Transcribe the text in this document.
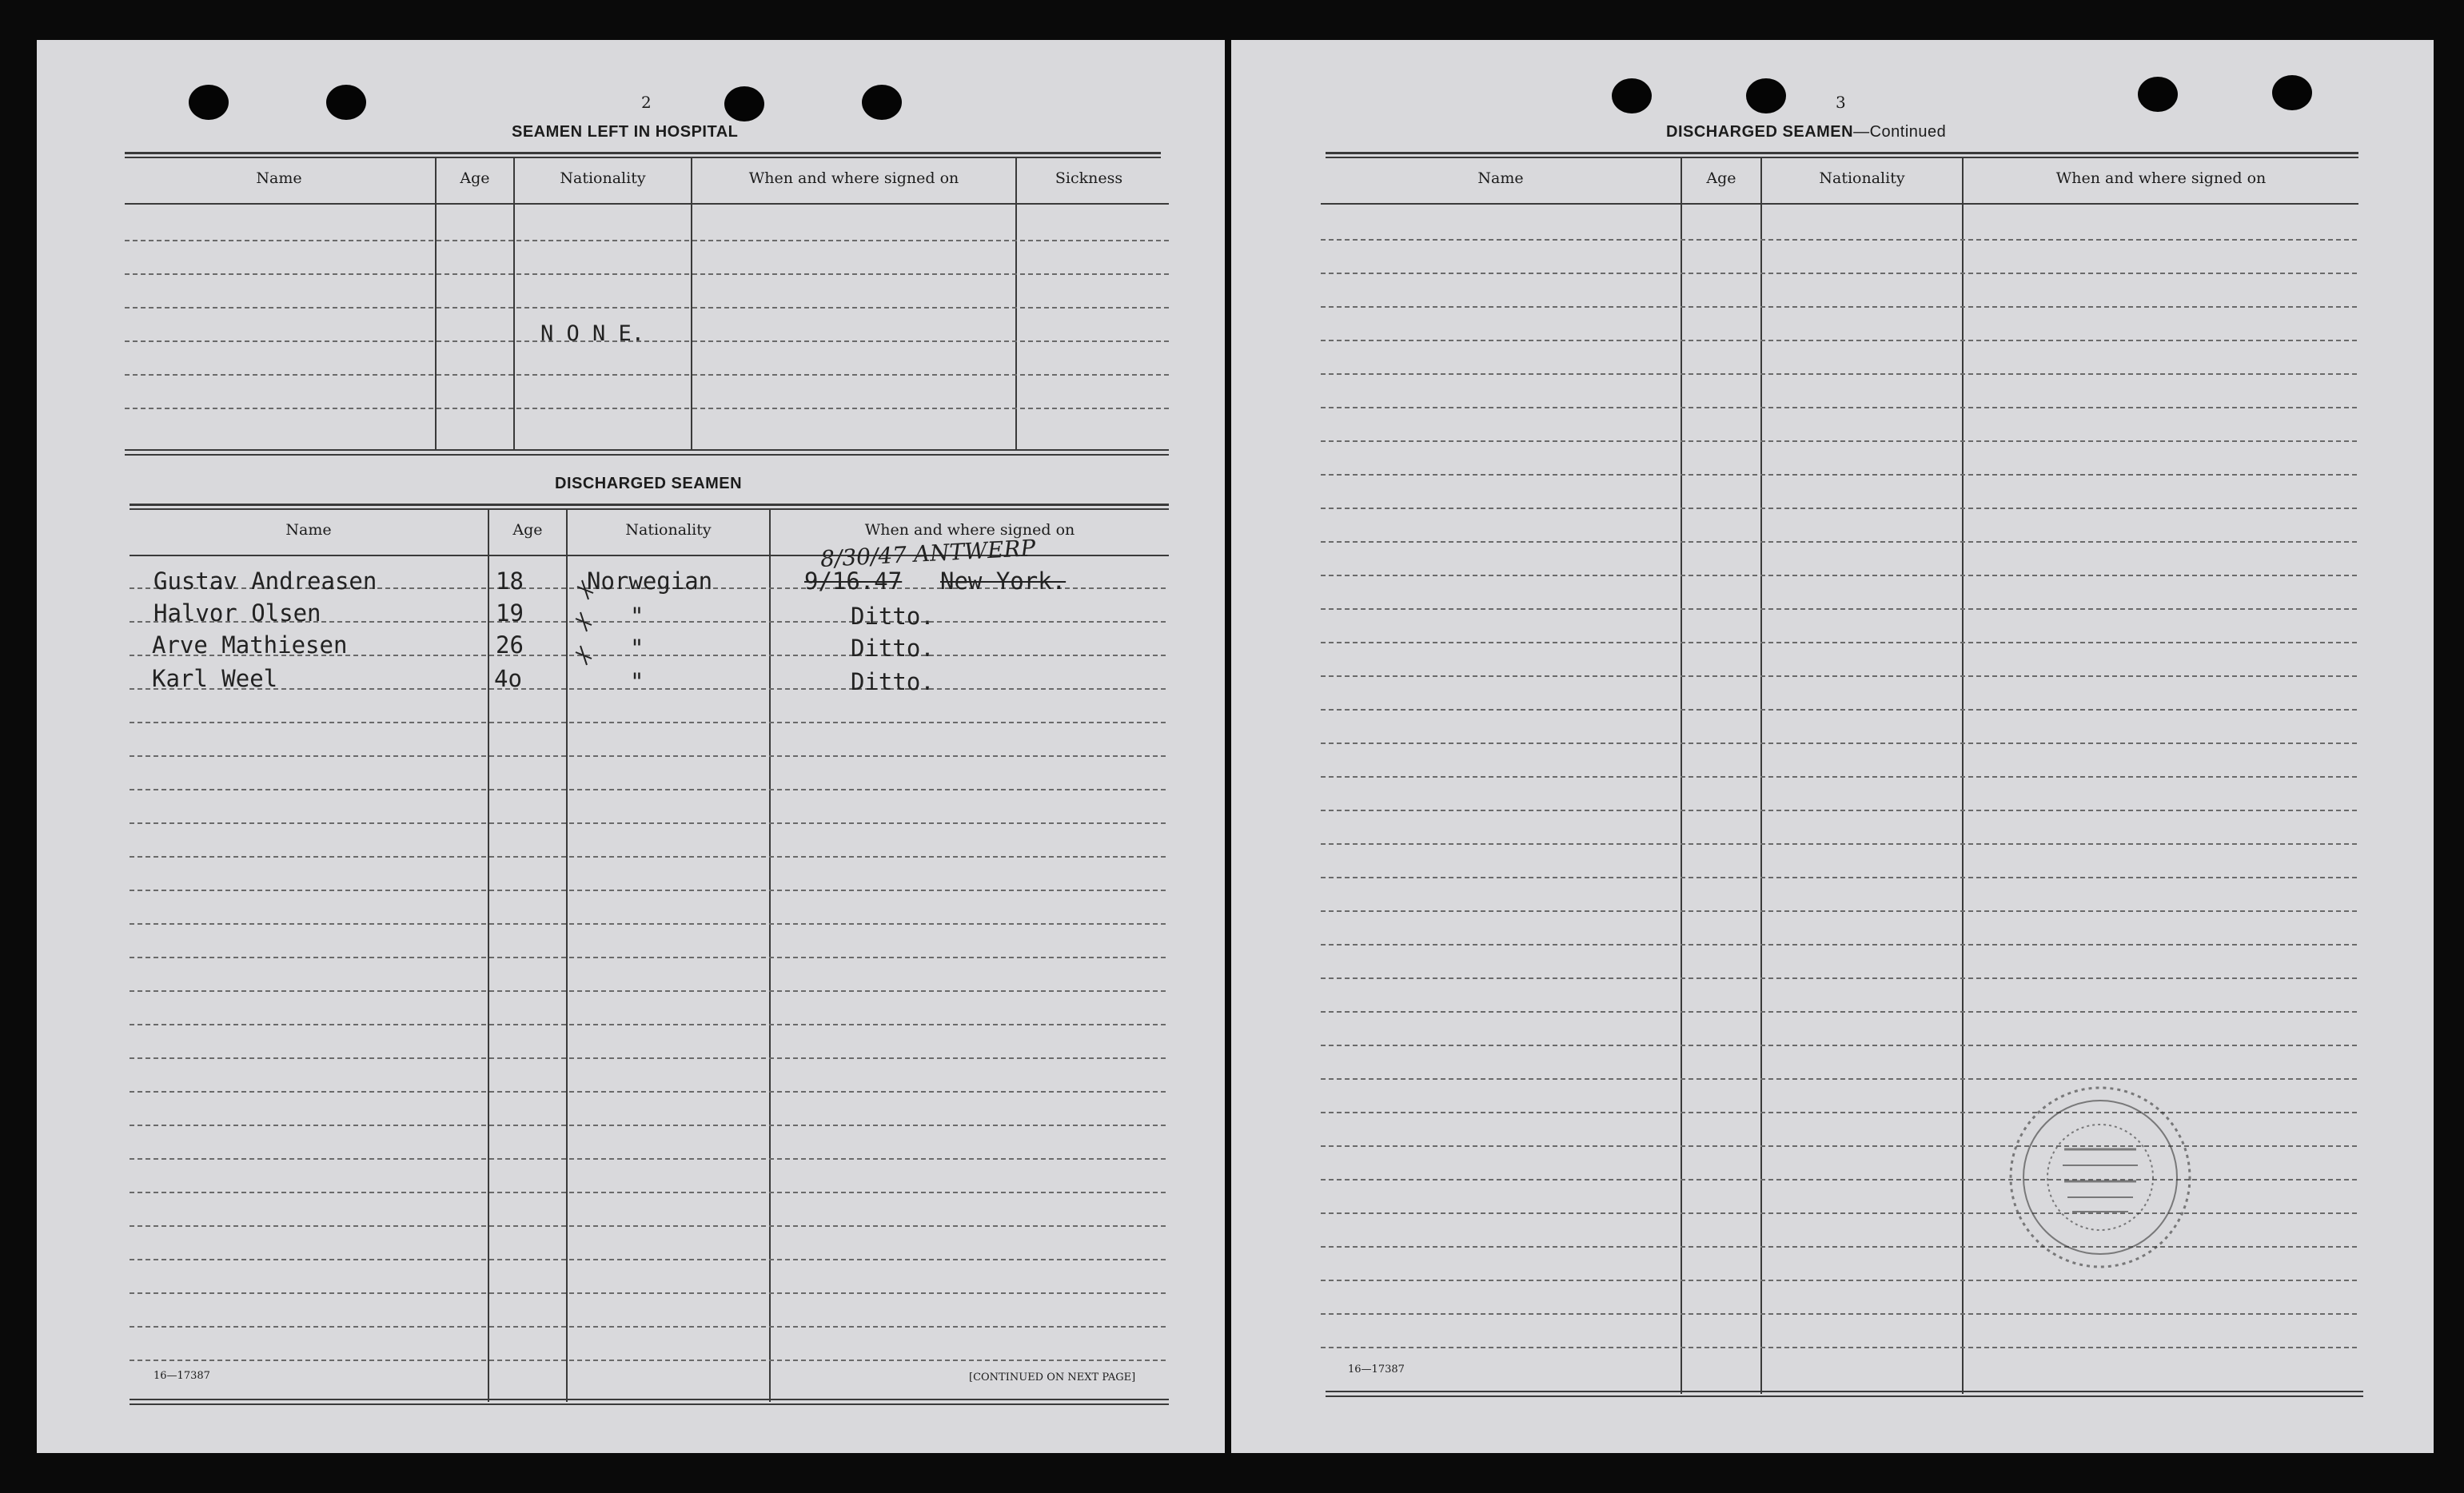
2
SEAMEN LEFT IN HOSPITAL
Name	Age	Nationality	When and where signed on	Sickness
N O N E.
DISCHARGED SEAMEN
Name	Age	Nationality	When and where signed on
Gustav Andreasen	18	Norwegian	9/16.47 New York.
8/30/47 ANTWERP
Halvor Olsen	19	"	Ditto.
Arve Mathiesen	26	"	Ditto.
Karl Weel	4o	"	Ditto.
16—17387	[CONTINUED ON NEXT PAGE]
3
DISCHARGED SEAMEN—Continued
Name	Age	Nationality	When and where signed on
16—17387
